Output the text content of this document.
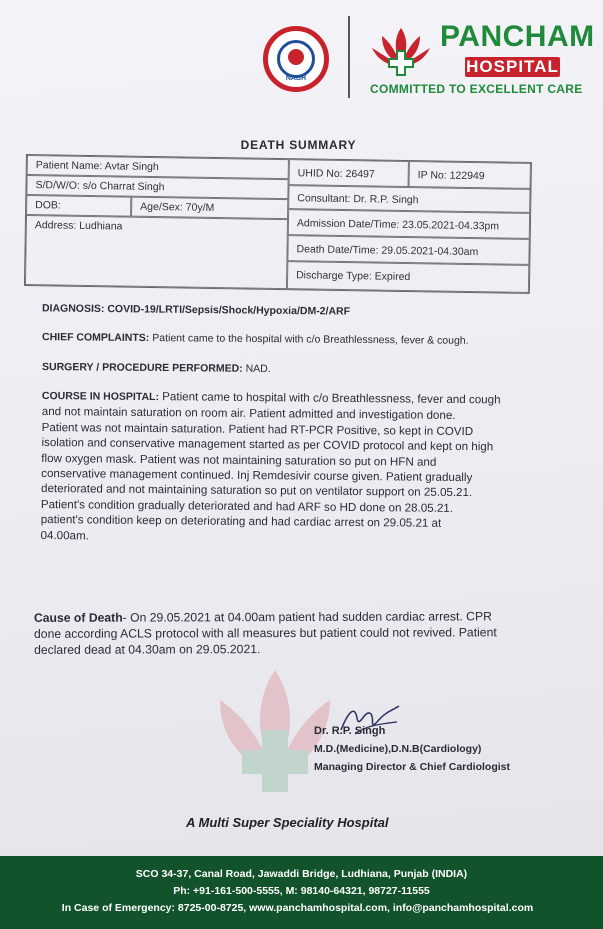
NABH
PANCHAM
HOSPITAL
COMMITTED TO EXCELLENT CARE
DEATH SUMMARY
Patient Name: Avtar Singh
S/D/W/O: s/o Charrat Singh
DOB:	Age/Sex: 70y/M
Address: Ludhiana
UHID No: 26497	IP No: 122949
Consultant: Dr. R.P. Singh
Admission Date/Time: 23.05.2021-04.33pm
Death Date/Time: 29.05.2021-04.30am
Discharge Type: Expired
DIAGNOSIS: COVID-19/LRTI/Sepsis/Shock/Hypoxia/DM-2/ARF
CHIEF COMPLAINTS: Patient came to the hospital with c/o Breathlessness, fever & cough.
SURGERY / PROCEDURE PERFORMED: NAD.
COURSE IN HOSPITAL: Patient came to hospital with c/o Breathlessness, fever and cough
and not maintain saturation on room air. Patient admitted and investigation done.
Patient was not maintain saturation. Patient had RT-PCR Positive, so kept in COVID
isolation and conservative management started as per COVID protocol and kept on high
flow oxygen mask. Patient was not maintaining saturation so put on HFN and
conservative management continued. Inj Remdesivir course given. Patient gradually
deteriorated and not maintaining saturation so put on ventilator support on 25.05.21.
Patient's condition gradually deteriorated and had ARF so HD done on 28.05.21.
patient's condition keep on deteriorating and had cardiac arrest on 29.05.21 at
04.00am.
Cause of Death- On 29.05.2021 at 04.00am patient had sudden cardiac arrest. CPR
done according ACLS protocol with all measures but patient could not revived. Patient
declared dead at 04.30am on 29.05.2021.
Dr. R.P. Singh
M.D.(Medicine),D.N.B(Cardiology)
Managing Director & Chief Cardiologist
A Multi Super Speciality Hospital
SCO 34-37, Canal Road, Jawaddi Bridge, Ludhiana, Punjab (INDIA)
Ph: +91-161-500-5555, M: 98140-64321, 98727-11555
In Case of Emergency: 8725-00-8725, www.panchamhospital.com, info@panchamhospital.com
